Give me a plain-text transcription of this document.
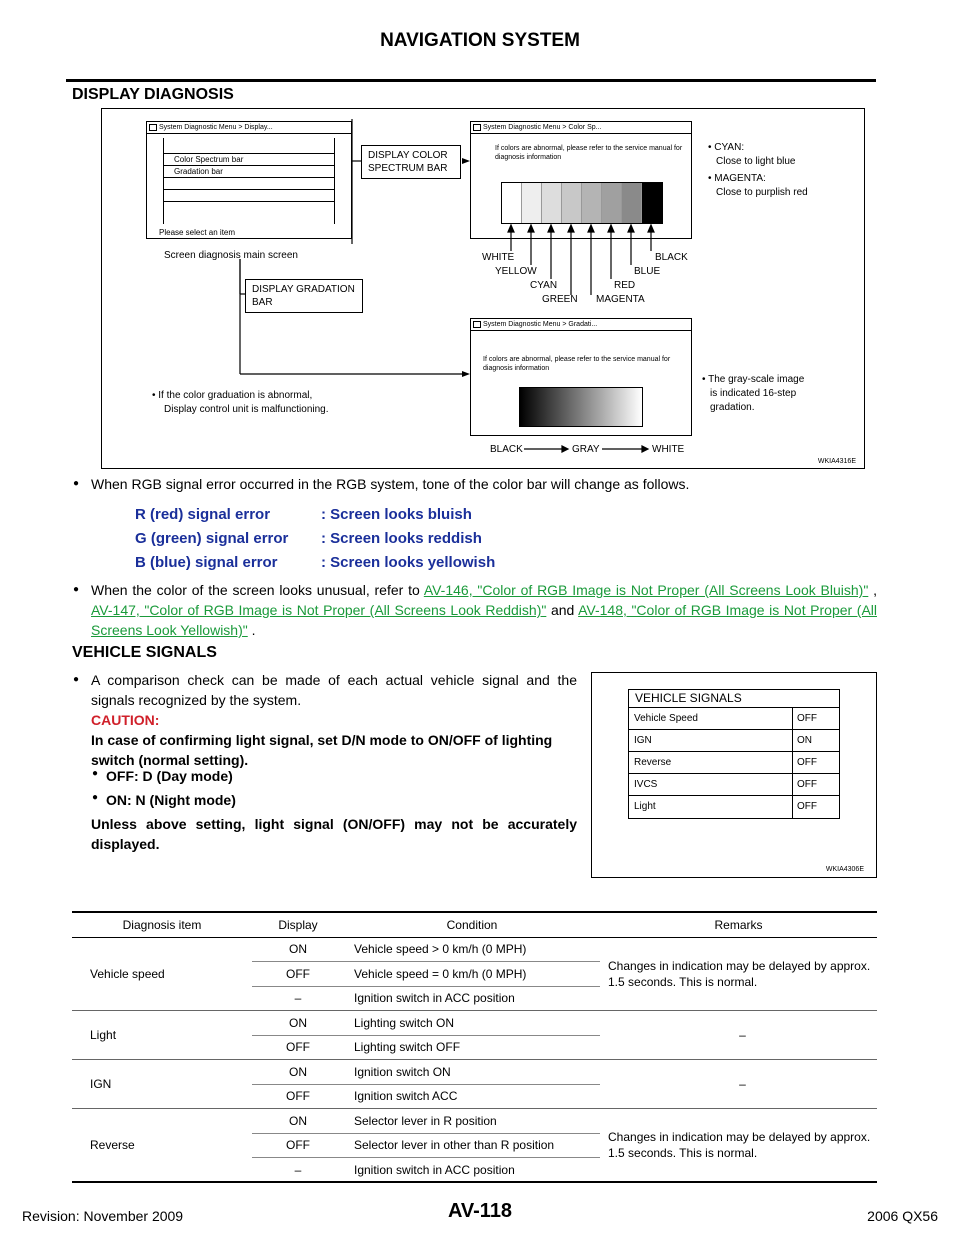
NAVIGATION SYSTEM
DISPLAY DIAGNOSIS
System Diagnostic Menu > Display...
Color Spectrum bar
Gradation bar
Please select an item
Screen diagnosis main screen
DISPLAY COLOR SPECTRUM BAR
DISPLAY GRADATION BAR
System Diagnostic Menu > Color Sp...
If colors are abnormal, please refer to the service manual for diagnosis information
WHITE
YELLOW
CYAN
GREEN
RED
MAGENTA
BLUE
BLACK
• CYAN:
Close to light blue
• MAGENTA:
Close to purplish red
System Diagnostic Menu > Gradati...
If colors are abnormal, please refer to the service manual for diagnosis information
BLACK	GRAY	WHITE
• The gray-scale image
is indicated 16-step
gradation.
• If the color graduation is abnormal,
Display control unit is malfunctioning.
WKIA4316E
● When RGB signal error occurred in the RGB system, tone of the color bar will change as follows.
R (red) signal error	: Screen looks bluish
G (green) signal error : Screen looks reddish
B (blue) signal error	: Screen looks yellowish
● When the color of the screen looks unusual, refer to AV-146, "Color of RGB Image is Not Proper (All Screens Look Bluish)" , AV-147, "Color of RGB Image is Not Proper (All Screens Look Reddish)" and AV-148, "Color of RGB Image is Not Proper (All Screens Look Yellowish)" .
VEHICLE SIGNALS
● A comparison check can be made of each actual vehicle signal and the signals recognized by the system.
CAUTION:
In case of confirming light signal, set D/N mode to ON/OFF of lighting switch (normal setting).
● OFF: D (Day mode)
● ON: N (Night mode)
Unless above setting, light signal (ON/OFF) may not be accurately displayed.
VEHICLE SIGNALS
Vehicle Speed	OFF
IGN	ON
Reverse	OFF
IVCS	OFF
Light	OFF
WKIA4306E
Diagnosis item	Display	Condition	Remarks
Vehicle speed	ON	Vehicle speed > 0 km/h (0 MPH)	Changes in indication may be delayed by approx. 1.5 seconds. This is normal.
	OFF	Vehicle speed = 0 km/h (0 MPH)	
	–	Ignition switch in ACC position	
Light	ON	Lighting switch ON	–
	OFF	Lighting switch OFF	
IGN	ON	Ignition switch ON	–
	OFF	Ignition switch ACC	
Reverse	ON	Selector lever in R position	Changes in indication may be delayed by approx. 1.5 seconds. This is normal.
	OFF	Selector lever in other than R position	
	–	Ignition switch in ACC position	
Revision: November 2009	AV-118	2006 QX56
